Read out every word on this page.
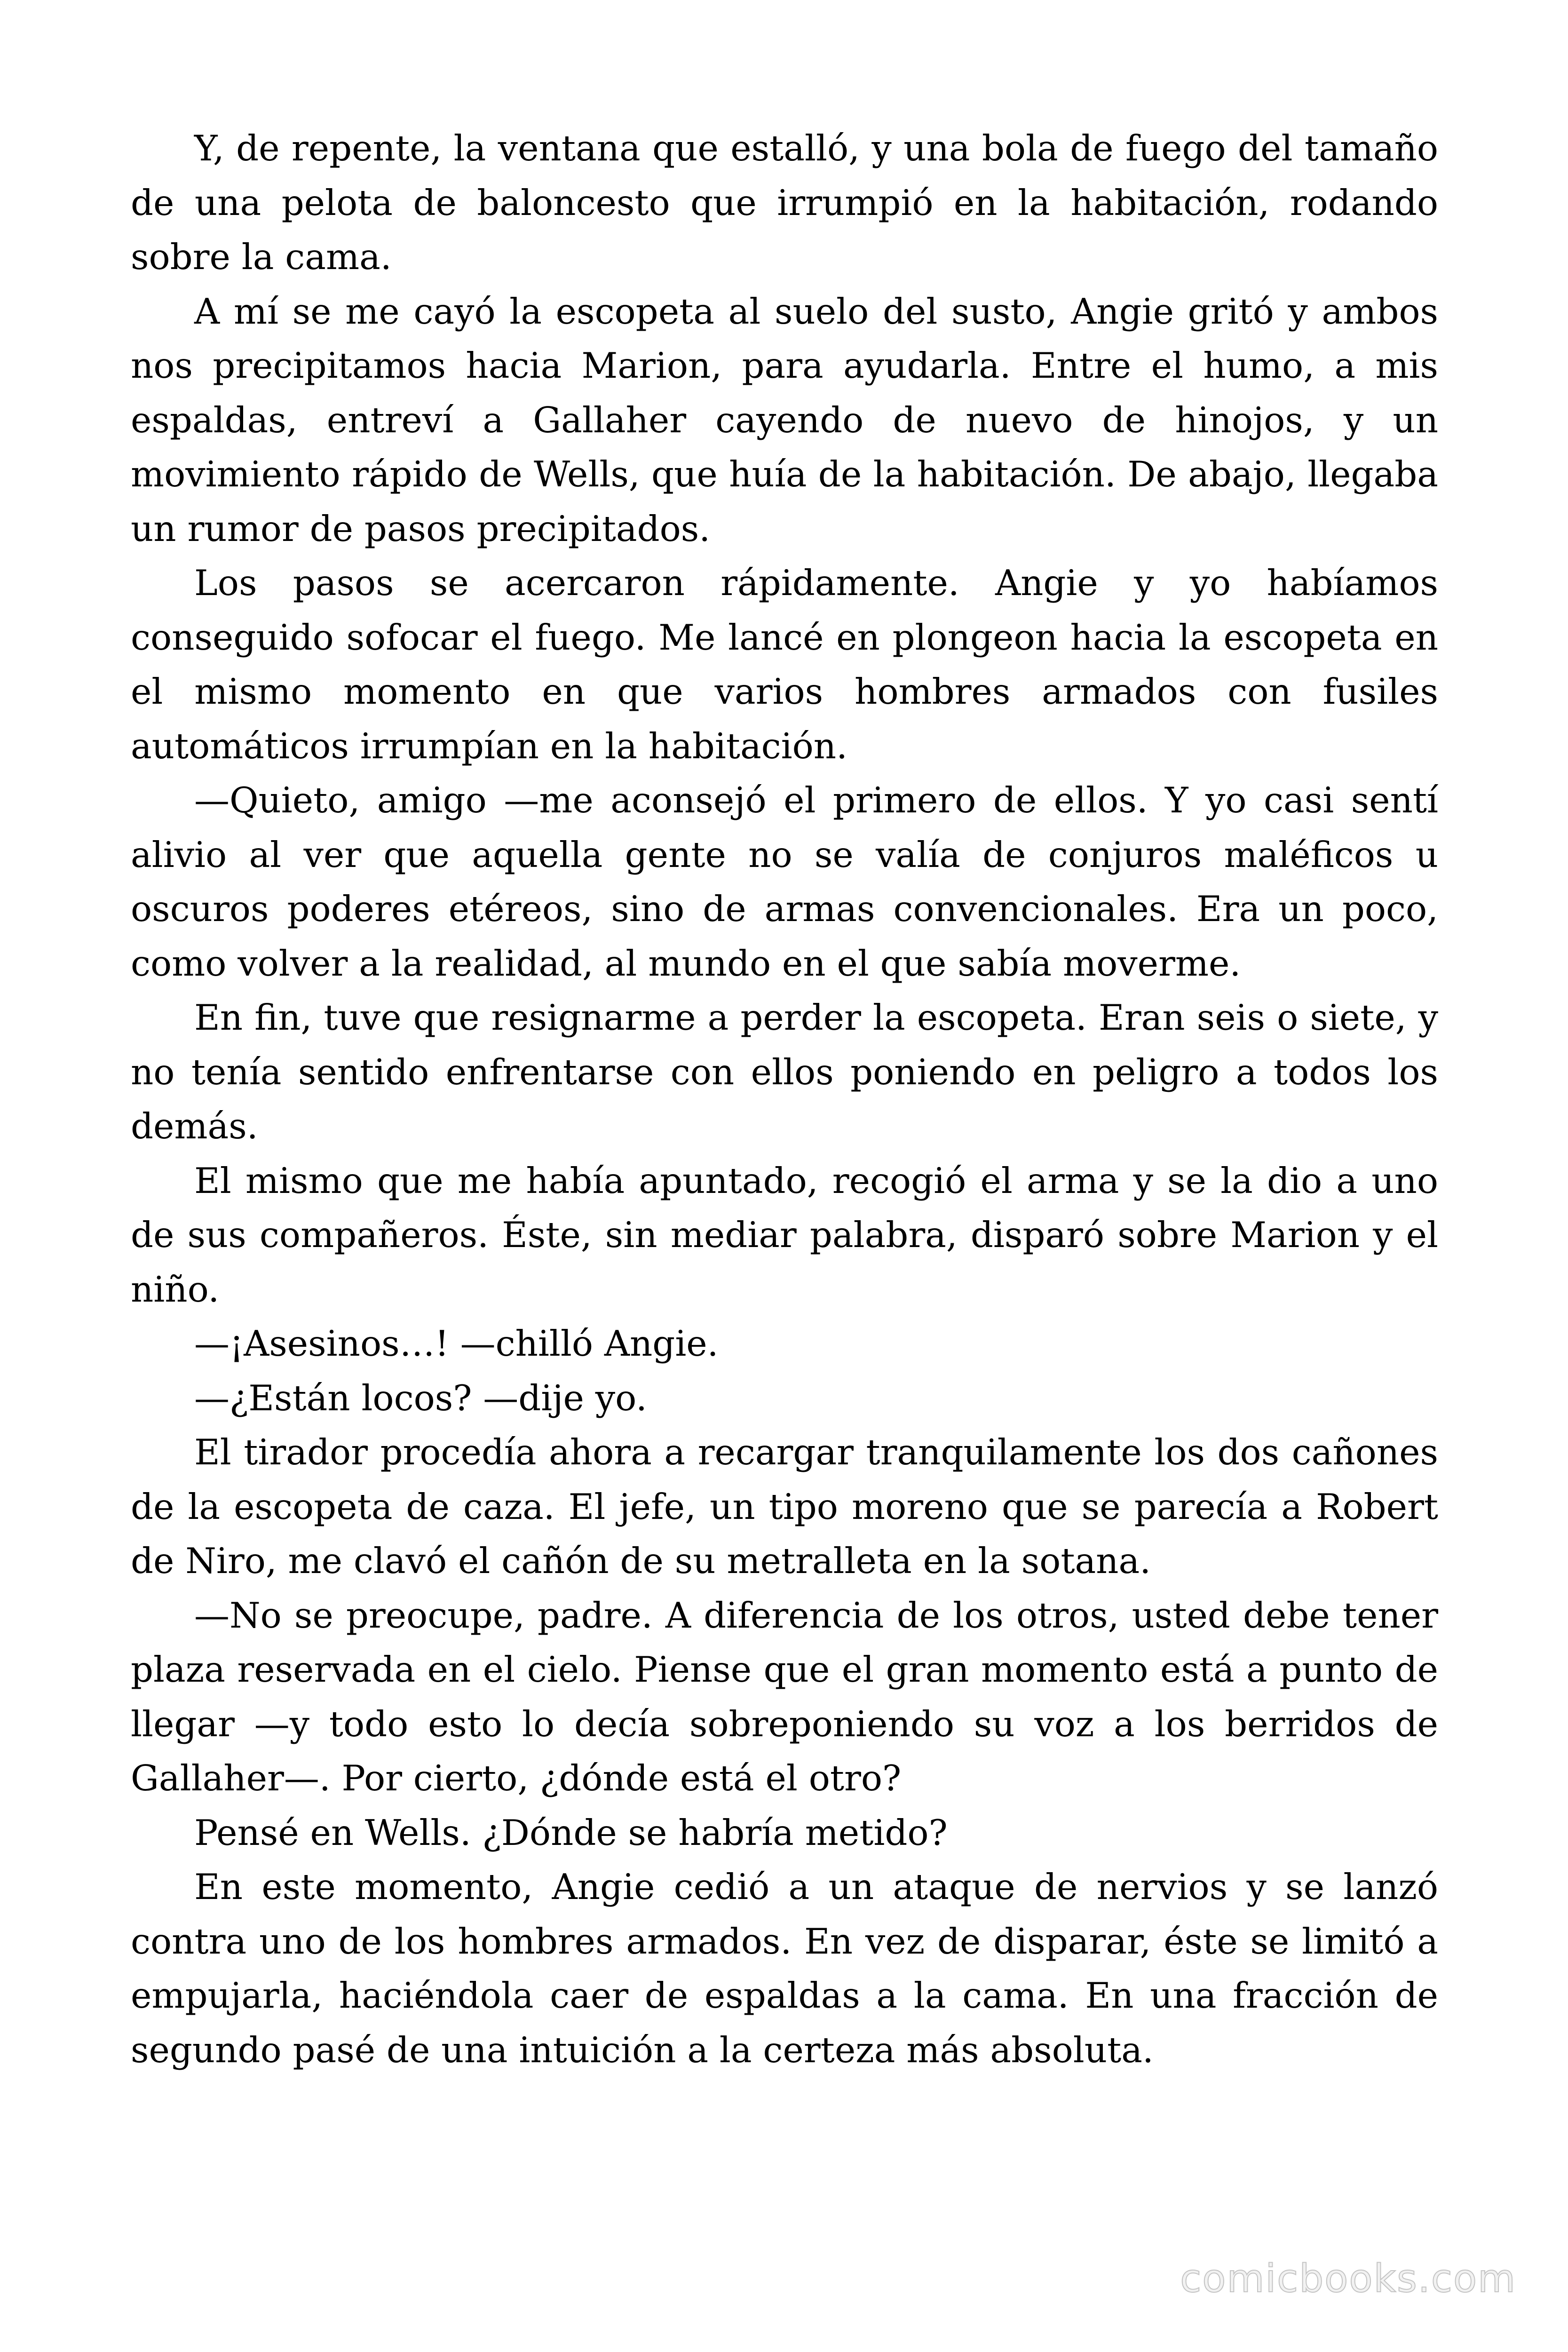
Y, de repente, la ventana que estalló, y una bola de fuego del tamaño de una pelota de baloncesto que irrumpió en la habitación, rodando sobre la cama.

A mí se me cayó la escopeta al suelo del susto, Angie gritó y ambos nos precipitamos hacia Marion, para ayudarla. Entre el humo, a mis espaldas, entreví a Gallaher cayendo de nuevo de hinojos, y un movimiento rápido de Wells, que huía de la habitación. De abajo, llegaba un rumor de pasos precipitados.

Los pasos se acercaron rápidamente. Angie y yo habíamos conseguido sofocar el fuego. Me lancé en plongeon hacia la escopeta en el mismo momento en que varios hombres armados con fusiles automáticos irrumpían en la habitación.

—Quieto, amigo —me aconsejó el primero de ellos. Y yo casi sentí alivio al ver que aquella gente no se valía de conjuros maléficos u oscuros poderes etéreos, sino de armas convencionales. Era un poco, como volver a la realidad, al mundo en el que sabía moverme.

En fin, tuve que resignarme a perder la escopeta. Eran seis o siete, y no tenía sentido enfrentarse con ellos poniendo en peligro a todos los demás.

El mismo que me había apuntado, recogió el arma y se la dio a uno de sus compañeros. Éste, sin mediar palabra, disparó sobre Marion y el niño.

—¡Asesinos…! —chilló Angie.

—¿Están locos? —dije yo.

El tirador procedía ahora a recargar tranquilamente los dos cañones de la escopeta de caza. El jefe, un tipo moreno que se parecía a Robert de Niro, me clavó el cañón de su metralleta en la sotana.

—No se preocupe, padre. A diferencia de los otros, usted debe tener plaza reservada en el cielo. Piense que el gran momento está a punto de llegar —y todo esto lo decía sobreponiendo su voz a los berridos de Gallaher—. Por cierto, ¿dónde está el otro?

Pensé en Wells. ¿Dónde se habría metido?

En este momento, Angie cedió a un ataque de nervios y se lanzó contra uno de los hombres armados. En vez de disparar, éste se limitó a empujarla, haciéndola caer de espaldas a la cama. En una fracción de segundo pasé de una intuición a la certeza más absoluta.

comicbooks.com
